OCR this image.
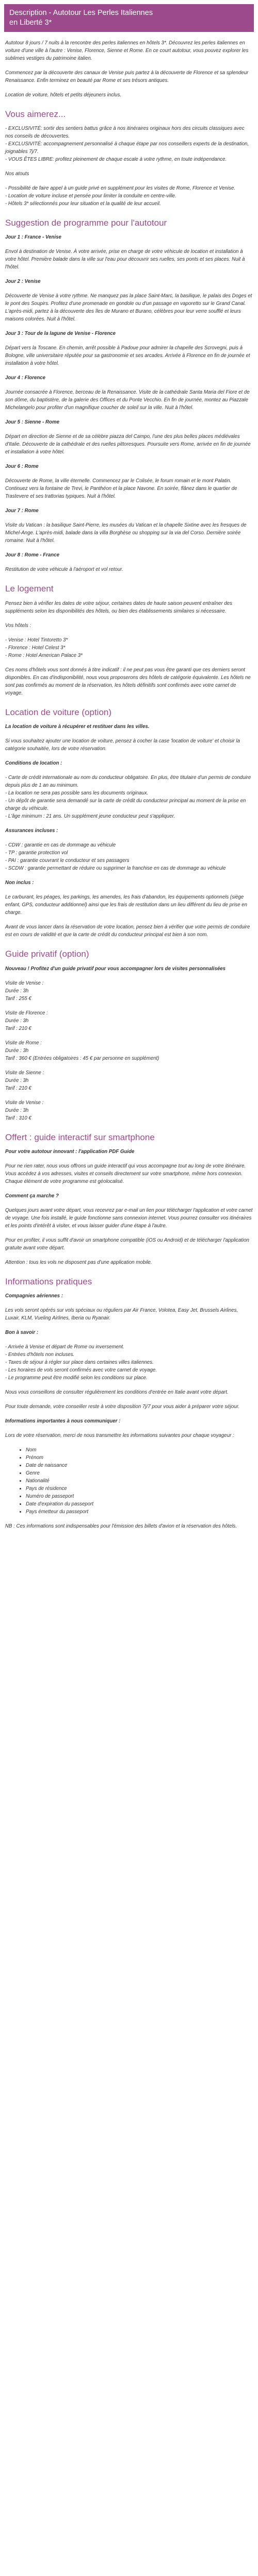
Description - Autotour Les Perles Italiennes
en Liberté 3*

Autotour 8 jours / 7 nuits à la rencontre des perles italiennes en hôtels 3*. Découvrez les perles italiennes en voiture d'une ville à l'autre : Venise, Florence, Sienne et Rome. En ce court autotour, vous pouvez explorer les sublimes vestiges du patrimoine italien.

Commencez par la découverte des canaux de Venise puis partez à la découverte de Florence et sa splendeur Renaissance. Enfin terminez en beauté par Rome et ses trésors antiques.

Location de voiture, hôtels et petits déjeuners inclus.

Vous aimerez...
- EXCLUSIVITÉ: sortir des sentiers battus grâce à nos itinéraires originaux hors des circuits classiques avec nos conseils de découvertes.
- EXCLUSIVITÉ: accompagnement personnalisé à chaque étape par nos conseillers experts de la destination, joignables 7j/7.
- VOUS ÊTES LIBRE: profitez pleinement de chaque escale à votre rythme, en toute indépendance.

Nos atouts

- Possibilité de faire appel à un guide privé en supplément pour les visites de Rome, Florence et Venise.
- Location de voiture incluse et pensée pour limiter la conduite en centre-ville.
- Hôtels 3* sélectionnés pour leur situation et la qualité de leur accueil.

Suggestion de programme pour l'autotour

Jour 1 : France - Venise

Envol à destination de Venise. À votre arrivée, prise en charge de votre véhicule de location et installation à votre hôtel. Première balade dans la ville sur l'eau pour découvrir ses ruelles, ses ponts et ses places. Nuit à l'hôtel.

Jour 2 : Venise

Découverte de Venise à votre rythme. Ne manquez pas la place Saint-Marc, la basilique, le palais des Doges et le pont des Soupirs. Profitez d'une promenade en gondole ou d'un passage en vaporetto sur le Grand Canal. L'après-midi, partez à la découverte des îles de Murano et Burano, célèbres pour leur verre soufflé et leurs maisons colorées. Nuit à l'hôtel.

Jour 3 : Tour de la lagune de Venise - Florence

Départ vers la Toscane. En chemin, arrêt possible à Padoue pour admirer la chapelle des Scrovegni, puis à Bologne, ville universitaire réputée pour sa gastronomie et ses arcades. Arrivée à Florence en fin de journée et installation à votre hôtel.

Jour 4 : Florence

Journée consacrée à Florence, berceau de la Renaissance. Visite de la cathédrale Santa Maria del Fiore et de son dôme, du baptistère, de la galerie des Offices et du Ponte Vecchio. En fin de journée, montez au Piazzale Michelangelo pour profiter d'un magnifique coucher de soleil sur la ville. Nuit à l'hôtel.

Jour 5 : Sienne - Rome

Départ en direction de Sienne et de sa célèbre piazza del Campo, l'une des plus belles places médiévales d'Italie. Découverte de la cathédrale et des ruelles pittoresques. Poursuite vers Rome, arrivée en fin de journée et installation à votre hôtel.

Jour 6 : Rome

Découverte de Rome, la ville éternelle. Commencez par le Colisée, le forum romain et le mont Palatin. Continuez vers la fontaine de Trevi, le Panthéon et la place Navone. En soirée, flânez dans le quartier de Trastevere et ses trattorias typiques. Nuit à l'hôtel.

Jour 7 : Rome

Visite du Vatican : la basilique Saint-Pierre, les musées du Vatican et la chapelle Sixtine avec les fresques de Michel-Ange. L'après-midi, balade dans la villa Borghèse ou shopping sur la via del Corso. Dernière soirée romaine. Nuit à l'hôtel.

Jour 8 : Rome - France

Restitution de votre véhicule à l'aéroport et vol retour.

Le logement

Pensez bien à vérifier les dates de votre séjour, certaines dates de haute saison peuvent entraîner des suppléments selon les disponibilités des hôtels, ou bien des établissements similaires si nécessaire.

Vos hôtels :

- Venise : Hotel Tintoretto 3*
- Florence : Hotel Celest 3*
- Rome : Hotel American Palace 3*

Ces noms d'hôtels vous sont donnés à titre indicatif : il ne peut pas vous être garanti que ces derniers seront disponibles. En cas d'indisponibilité, nous vous proposerons des hôtels de catégorie équivalente. Les hôtels ne sont pas confirmés au moment de la réservation, les hôtels définitifs sont confirmés avec votre carnet de voyage.

Location de voiture (option)

La location de voiture à récupérer et restituer dans les villes.

Si vous souhaitez ajouter une location de voiture, pensez à cocher la case 'location de voiture' et choisir la catégorie souhaitée, lors de votre réservation.

Conditions de location :

- Carte de crédit internationale au nom du conducteur obligatoire. En plus, être titulaire d'un permis de conduire depuis plus de 1 an au minimum.
- La location ne sera pas possible sans les documents originaux.
- Un dépôt de garantie sera demandé sur la carte de crédit du conducteur principal au moment de la prise en charge du véhicule.
- L'âge minimum : 21 ans. Un supplément jeune conducteur peut s'appliquer.

Assurances incluses :

- CDW : garantie en cas de dommage au véhicule
- TP : garantie protection vol
- PAI : garantie couvrant le conducteur et ses passagers
- SCDW : garantie permettant de réduire ou supprimer la franchise en cas de dommage au véhicule

Non inclus :

Le carburant, les péages, les parkings, les amendes, les frais d'abandon, les équipements optionnels (siège enfant, GPS, conducteur additionnel) ainsi que les frais de restitution dans un lieu différent du lieu de prise en charge.

Avant de vous lancer dans la réservation de votre location, pensez bien à vérifier que votre permis de conduire est en cours de validité et que la carte de crédit du conducteur principal est bien à son nom.

Guide privatif (option)

Nouveau ! Profitez d'un guide privatif pour vous accompagner lors de visites personnalisées

Visite de Venise :

Durée : 3h

Tarif : 255 €

Visite de Florence :

Durée : 3h

Tarif : 210 €

Visite de Rome :

Durée : 3h

Tarif : 360 € (Entrées obligatoires : 45 € par personne en supplément)

Visite de Sienne :

Durée : 3h

Tarif : 210 €

Visite de Venise :

Durée : 3h

Tarif : 310 €

Offert : guide interactif sur smartphone

Pour votre autotour innovant : l'application PDF Guide

Pour ne rien rater, nous vous offrons un guide interactif qui vous accompagne tout au long de votre itinéraire. Vous accédez à vos adresses, visites et conseils directement sur votre smartphone, même hors connexion. Chaque élément de votre programme est géolocalisé.

Comment ça marche ?

Quelques jours avant votre départ, vous recevrez par e-mail un lien pour télécharger l'application et votre carnet de voyage. Une fois installé, le guide fonctionne sans connexion internet. Vous pourrez consulter vos itinéraires et les points d'intérêt à visiter, et vous laisser guider d'une étape à l'autre.

Pour en profiter, il vous suffit d'avoir un smartphone compatible (iOS ou Android) et de télécharger l'application gratuite avant votre départ.

Attention : tous les vols ne disposent pas d'une application mobile.

Informations pratiques

Compagnies aériennes :

Les vols seront opérés sur vols spéciaux ou réguliers par Air France, Volotea, Easy Jet, Brussels Airlines, Luxair, KLM, Vueling Airlines, Iberia ou Ryanair.

Bon à savoir :

- Arrivée à Venise et départ de Rome ou inversement.
- Entrées d'hôtels non incluses.
- Taxes de séjour à régler sur place dans certaines villes italiennes.
- Les horaires de vols seront confirmés avec votre carnet de voyage.
- Le programme peut être modifié selon les conditions sur place.

Nous vous conseillons de consulter régulièrement les conditions d'entrée en Italie avant votre départ.

Pour toute demande, votre conseiller reste à votre disposition 7j/7 pour vous aider à préparer votre séjour.

Informations importantes à nous communiquer :

Lors de votre réservation, merci de nous transmettre les informations suivantes pour chaque voyageur :

• Nom
• Prénom
• Date de naissance
• Genre
• Nationalité
• Pays de résidence
• Numéro de passeport
• Date d'expiration du passeport
• Pays émetteur du passeport

NB : Ces informations sont indispensables pour l'émission des billets d'avion et la réservation des hôtels.
